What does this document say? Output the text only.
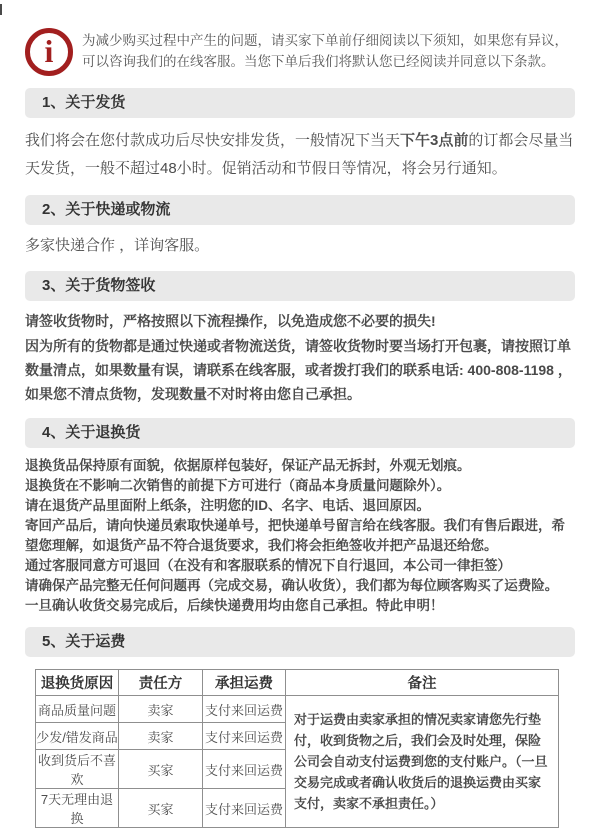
i 为减少购买过程中产生的问题，请买家下单前仔细阅读以下须知，如果您有异议，可以咨询我们的在线客服。当您下单后我们将默认您已经阅读并同意以下条款。
1、关于发货

我们将会在您付款成功后尽快安排发货，一般情况下当天下午3点前的订都会尽量当天发货，一般不超过48小时。促销活动和节假日等情况，将会另行通知。

2、关于快递或物流

多家快递合作 ，详询客服。

3、关于货物签收

请签收货物时，严格按照以下流程操作，以免造成您不必要的损失!

因为所有的货物都是通过快递或者物流送货，请签收货物时要当场打开包裹，请按照订单数量清点，如果数量有误，请联系在线客服，或者拨打我们的联系电话: 400-808-1198 ，如果您不清点货物，发现数量不对时将由您自己承担。

4、关于退换货

退换货品保持原有面貌，依据原样包装好，保证产品无拆封，外观无划痕。

退换货在不影响二次销售的前提下方可进行（商品本身质量问题除外）。

请在退货产品里面附上纸条，注明您的ID、名字、电话、退回原因。

寄回产品后，请向快递员索取快递单号，把快递单号留言给在线客服。我们有售后跟进，希望您理解，如退货产品不符合退货要求，我们将会拒绝签收并把产品退还给您。

通过客服同意方可退回（在没有和客服联系的情况下自行退回，本公司一律拒签）

请确保产品完整无任何问题再（完成交易，确认收货），我们都为每位顾客购买了运费险。

一旦确认收货交易完成后，后续快递费用均由您自己承担。特此申明！

5、关于运费
退换货原因	责任方	承担运费	备注
商品质量问题	卖家	支付来回运费	对于运费由卖家承担的情况卖家请您先行垫付，收到货物之后，我们会及时处理，保险公司会自动支付运费到您的支付账户。（一旦交易完成或者确认收货后的退换运费由买家支付，卖家不承担责任。）
少发/错发商品	卖家	支付来回运费	
收到货后不喜欢	买家	支付来回运费	
7天无理由退换	买家	支付来回运费	
